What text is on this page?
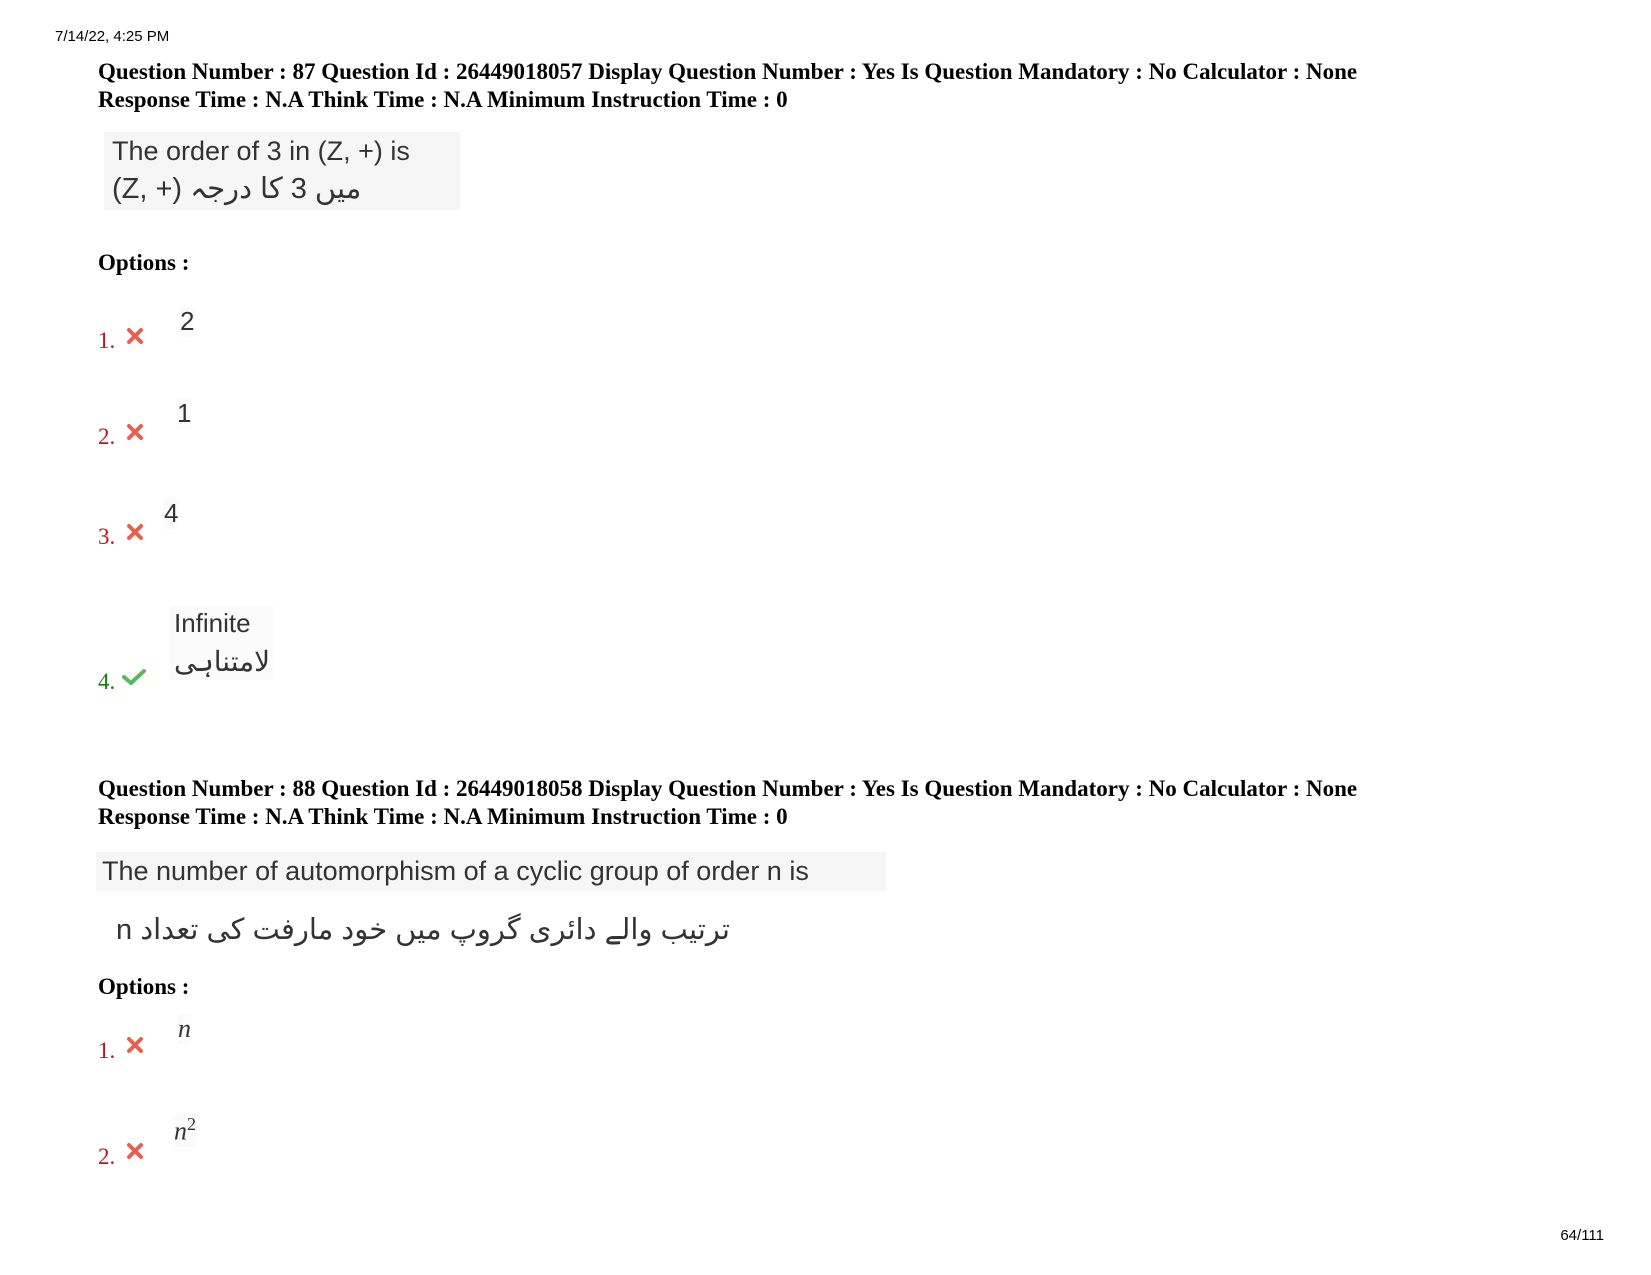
7/14/22, 4:25 PM
Question Number : 87 Question Id : 26449018057 Display Question Number : Yes Is Question Mandatory : No Calculator : None
Response Time : N.A Think Time : N.A Minimum Instruction Time : 0
The order of 3 in (Z, +) is
(Z, +) میں 3 کا درجہ
Options :
1.
2
2.
1
3.
4
4.
Infinite
لامتناہی
Question Number : 88 Question Id : 26449018058 Display Question Number : Yes Is Question Mandatory : No Calculator : None
Response Time : N.A Think Time : N.A Minimum Instruction Time : 0
The number of automorphism of a cyclic group of order n is
n ترتیب والے دائری گروپ میں خود مارفت کی تعداد
Options :
1.
n
2.
$n^2$
64/111
